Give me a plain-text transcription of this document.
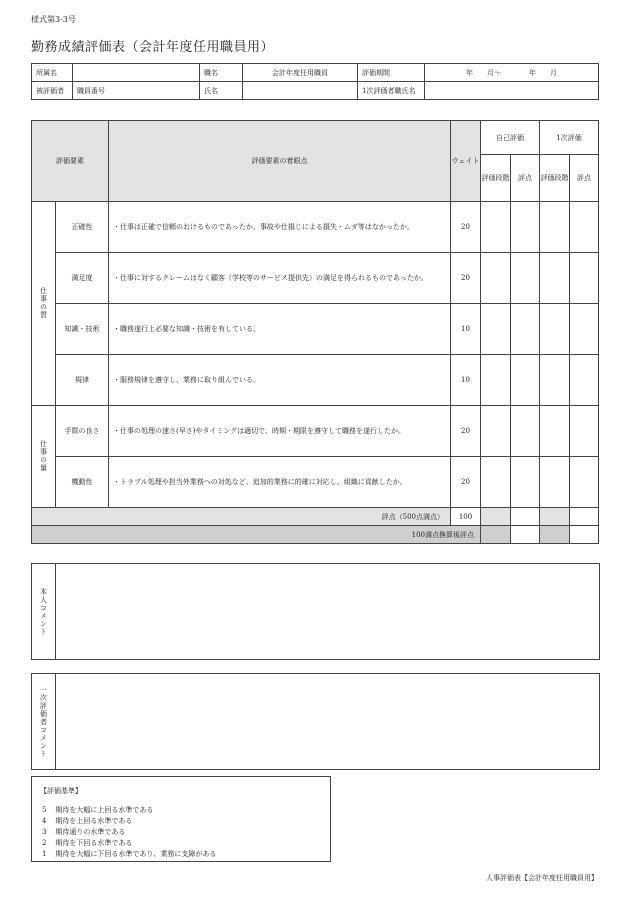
様式第3-3号
勤務成績評価表（会計年度任用職員用）
所属名		職名	会計年度任用職員	評価期間	年　　月～　　　　年　　月
被評価者	職員番号	氏名		1次評価者職氏名	
評価要素		評価要素の着眼点	ウェイト	自己評価		1次評価	
				評価段階	評点	評価段階	評点
仕事の質	正確性	・仕事は正確で信頼のおけるものであったか、事故や仕損じによる損失・ムダ等はなかったか。	20				
	満足度	・仕事に対するクレームはなく顧客（学校等のサービス提供先）の満足を得られるものであったか。	20				
	知識・技術	・職務遂行上必要な知識・技術を有している。	10				
	規律	・服務規律を遵守し、業務に取り組んでいる。	10				
仕事の量	手際の良さ	・仕事の処理の速さ(早さ)やタイミングは適切で、時期・期限を遵守して職務を遂行したか。	20				
	機動性	・トラブル処理や担当外業務への対処など、追加的業務に的確に対応し、組織に貢献したか。	20				
評点（500点満点）			100				
100満点換算後評点							
本人コメント
一次評価者コメント
【評価基準】
5 期待を大幅に上回る水準である
4 期待を上回る水準である
3 期待通りの水準である
2 期待を下回る水準である
1 期待を大幅に下回る水準であり、業務に支障がある
人事評価表【会計年度任用職員用】
